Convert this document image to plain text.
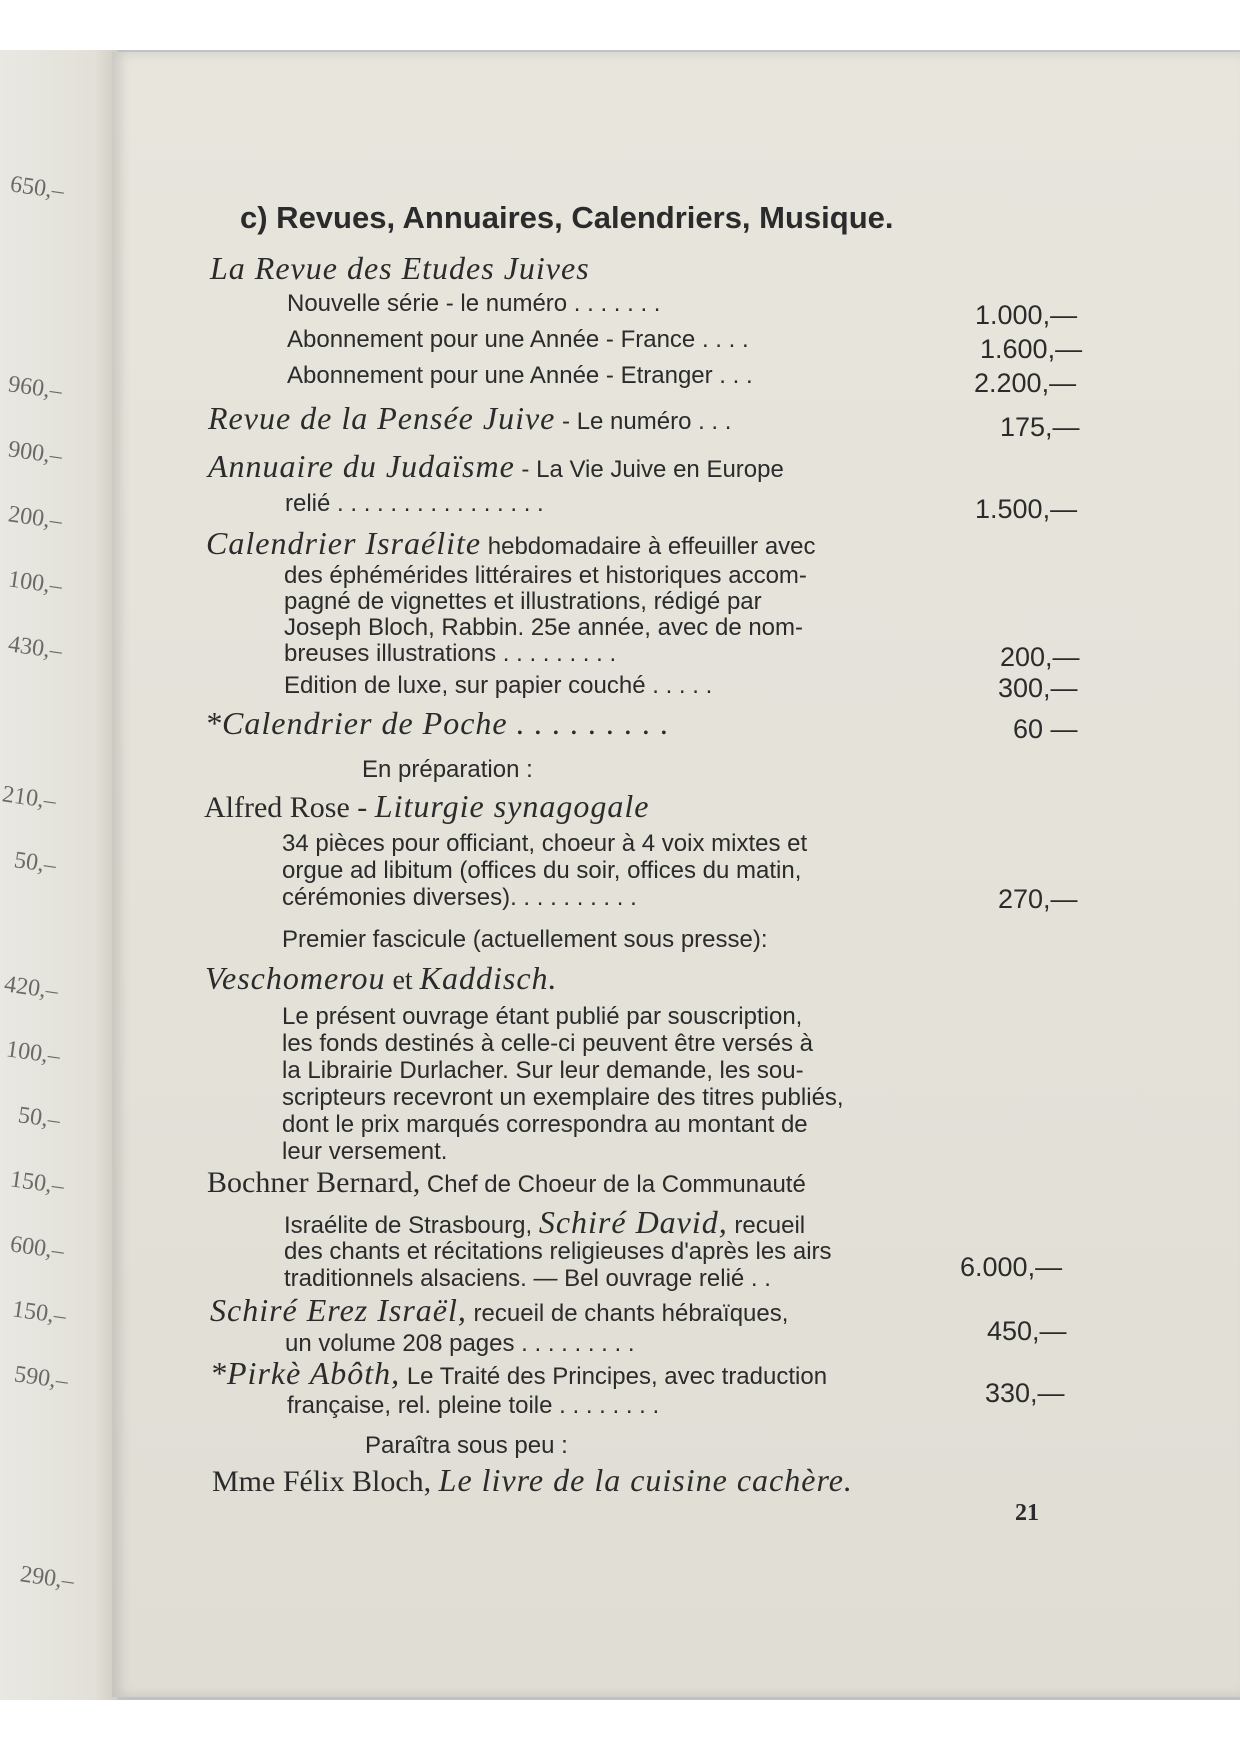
650,–
960,–
900,–
200,–
100,–
430,–
210,–
50,–
420,–
100,–
50,–
150,–
600,–
150,–
590,–
290,–
c) Revues, Annuaires, Calendriers, Musique.
La Revue des Etudes Juives
Nouvelle série - le numéro . . . . . . .	1.000,—
Abonnement pour une Année - France . . . .	1.600,—
Abonnement pour une Année - Etranger . . .	2.200,—
Revue de la Pensée Juive - Le numéro . . .	175,—
Annuaire du Judaïsme - La Vie Juive en Europe
relié . . . . . . . . . . . . . . . .	1.500,—
Calendrier Israélite hebdomadaire à effeuiller avec
des éphémérides littéraires et historiques accom-
pagné de vignettes et illustrations, rédigé par
Joseph Bloch, Rabbin. 25e année, avec de nom-
breuses illustrations . . . . . . . . .	200,—
Edition de luxe, sur papier couché . . . . .	300,—
*Calendrier de Poche . . . . . . . . .	60 —
En préparation :
Alfred Rose - Liturgie synagogale
34 pièces pour officiant, choeur à 4 voix mixtes et
orgue ad libitum (offices du soir, offices du matin,
cérémonies diverses). . . . . . . . . .	270,—
Premier fascicule (actuellement sous presse):
Veschomerou et Kaddisch.
Le présent ouvrage étant publié par souscription,
les fonds destinés à celle-ci peuvent être versés à
la Librairie Durlacher. Sur leur demande, les sou-
scripteurs recevront un exemplaire des titres publiés,
dont le prix marqués correspondra au montant de
leur versement.
Bochner Bernard, Chef de Choeur de la Communauté
Israélite de Strasbourg, Schiré David, recueil
des chants et récitations religieuses d'après les airs
traditionnels alsaciens. — Bel ouvrage relié . .	6.000,—
Schiré Erez Israël, recueil de chants hébraïques,
un volume 208 pages . . . . . . . . .	450,—
*Pirkè Abôth, Le Traité des Principes, avec traduction
française, rel. pleine toile . . . . . . . .	330,—
Paraîtra sous peu :
Mme Félix Bloch, Le livre de la cuisine cachère.
21
